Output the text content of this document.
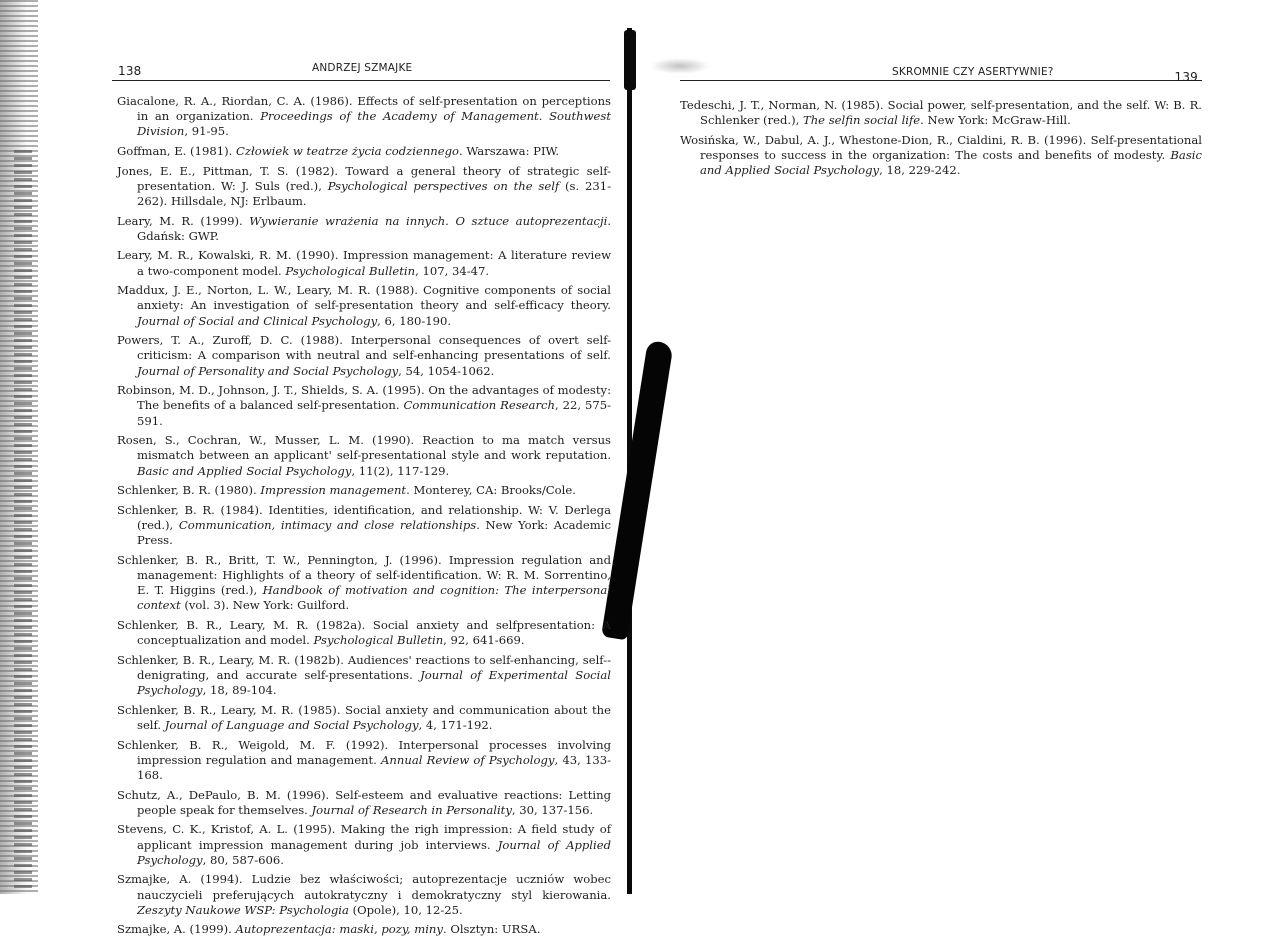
138	ANDRZEJ SZMAJKE
Giacalone, R. A., Riordan, C. A. (1986). Effects of self-presentation on perceptions in an organization. Proceedings of the Academy of Management. Southwest Division, 91-95.
Goffman, E. (1981). Człowiek w teatrze życia codziennego. Warszawa: PIW.
Jones, E. E., Pittman, T. S. (1982). Toward a general theory of strategic self-presentation. W: J. Suls (red.), Psychological perspectives on the self (s. 231-262). Hillsdale, NJ: Erlbaum.
Leary, M. R. (1999). Wywieranie wrażenia na innych. O sztuce autoprezentacji. Gdańsk: GWP.
Leary, M. R., Kowalski, R. M. (1990). Impression management: A literature review a two-component model. Psychological Bulletin, 107, 34-47.
Maddux, J. E., Norton, L. W., Leary, M. R. (1988). Cognitive components of social anxiety: An investigation of self-presentation theory and self-efficacy theory. Journal of Social and Clinical Psychology, 6, 180-190.
Powers, T. A., Zuroff, D. C. (1988). Interpersonal consequences of overt self-criticism: A comparison with neutral and self-enhancing presentations of self. Journal of Personality and Social Psychology, 54, 1054-1062.
Robinson, M. D., Johnson, J. T., Shields, S. A. (1995). On the advantages of modesty: The benefits of a balanced self-presentation. Communication Research, 22, 575-591.
Rosen, S., Cochran, W., Musser, L. M. (1990). Reaction to ma match versus mismatch between an applicant' self-presentational style and work reputation. Basic and Applied Social Psychology, 11(2), 117-129.
Schlenker, B. R. (1980). Impression management. Monterey, CA: Brooks/Cole.
Schlenker, B. R. (1984). Identities, identification, and relationship. W: V. Derlega (red.), Communication, intimacy and close relationships. New York: Academic Press.
Schlenker, B. R., Britt, T. W., Pennington, J. (1996). Impression regulation and management: Highlights of a theory of self-identification. W: R. M. Sorrentino, E. T. Higgins (red.), Handbook of motivation and cognition: The interpersonal context (vol. 3). New York: Guilford.
Schlenker, B. R., Leary, M. R. (1982a). Social anxiety and selfpresentation: A conceptualization and model. Psychological Bulletin, 92, 641-669.
Schlenker, B. R., Leary, M. R. (1982b). Audiences' reactions to self-enhancing, self--denigrating, and accurate self-presentations. Journal of Experimental Social Psychology, 18, 89-104.
Schlenker, B. R., Leary, M. R. (1985). Social anxiety and communication about the self. Journal of Language and Social Psychology, 4, 171-192.
Schlenker, B. R., Weigold, M. F. (1992). Interpersonal processes involving impression regulation and management. Annual Review of Psychology, 43, 133-168.
Schutz, A., DePaulo, B. M. (1996). Self-esteem and evaluative reactions: Letting people speak for themselves. Journal of Research in Personality, 30, 137-156.
Stevens, C. K., Kristof, A. L. (1995). Making the righ impression: A field study of applicant impression management during job interviews. Journal of Applied Psychology, 80, 587-606.
Szmajke, A. (1994). Ludzie bez właściwości; autoprezentacje uczniów wobec nauczycieli preferujących autokratyczny i demokratyczny styl kierowania. Zeszyty Naukowe WSP: Psychologia (Opole), 10, 12-25.
Szmajke, A. (1999). Autoprezentacja: maski, pozy, miny. Olsztyn: URSA.
SKROMNIE CZY ASERTYWNIE?	139
Tedeschi, J. T., Norman, N. (1985). Social power, self-presentation, and the self. W: B. R. Schlenker (red.), The selfin social life. New York: McGraw-Hill.
Wosińska, W., Dabul, A. J., Whestone-Dion, R., Cialdini, R. B. (1996). Self-presentational responses to success in the organization: The costs and benefits of modesty. Basic and Applied Social Psychology, 18, 229-242.
